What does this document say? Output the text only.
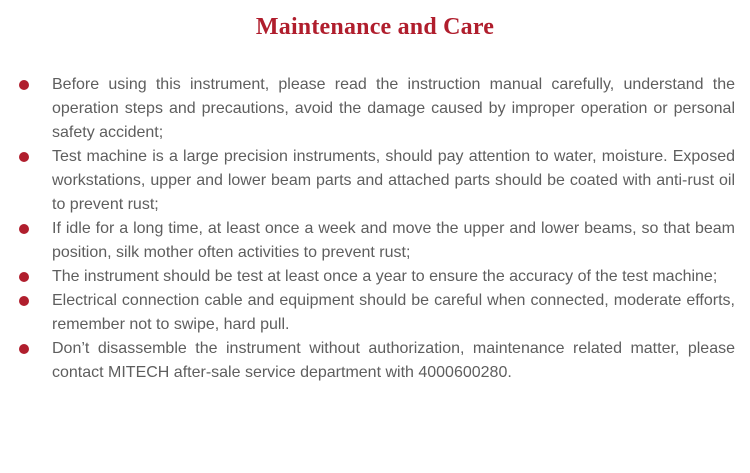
Maintenance and Care

Before using this instrument, please read the instruction manual carefully, understand the operation steps and precautions, avoid the damage caused by improper operation or personal safety accident;

Test machine is a large precision instruments, should pay attention to water, moisture. Exposed workstations, upper and lower beam parts and attached parts should be coated with anti-rust oil to prevent rust;

If idle for a long time, at least once a week and move the upper and lower beams, so that beam position, silk mother often activities to prevent rust;

The instrument should be test at least once a year to ensure the accuracy of the test machine;

Electrical connection cable and equipment should be careful when connected, moderate efforts, remember not to swipe, hard pull.

Don’t disassemble the instrument without authorization, maintenance related matter, please contact MITECH after-sale service department with 4000600280.
